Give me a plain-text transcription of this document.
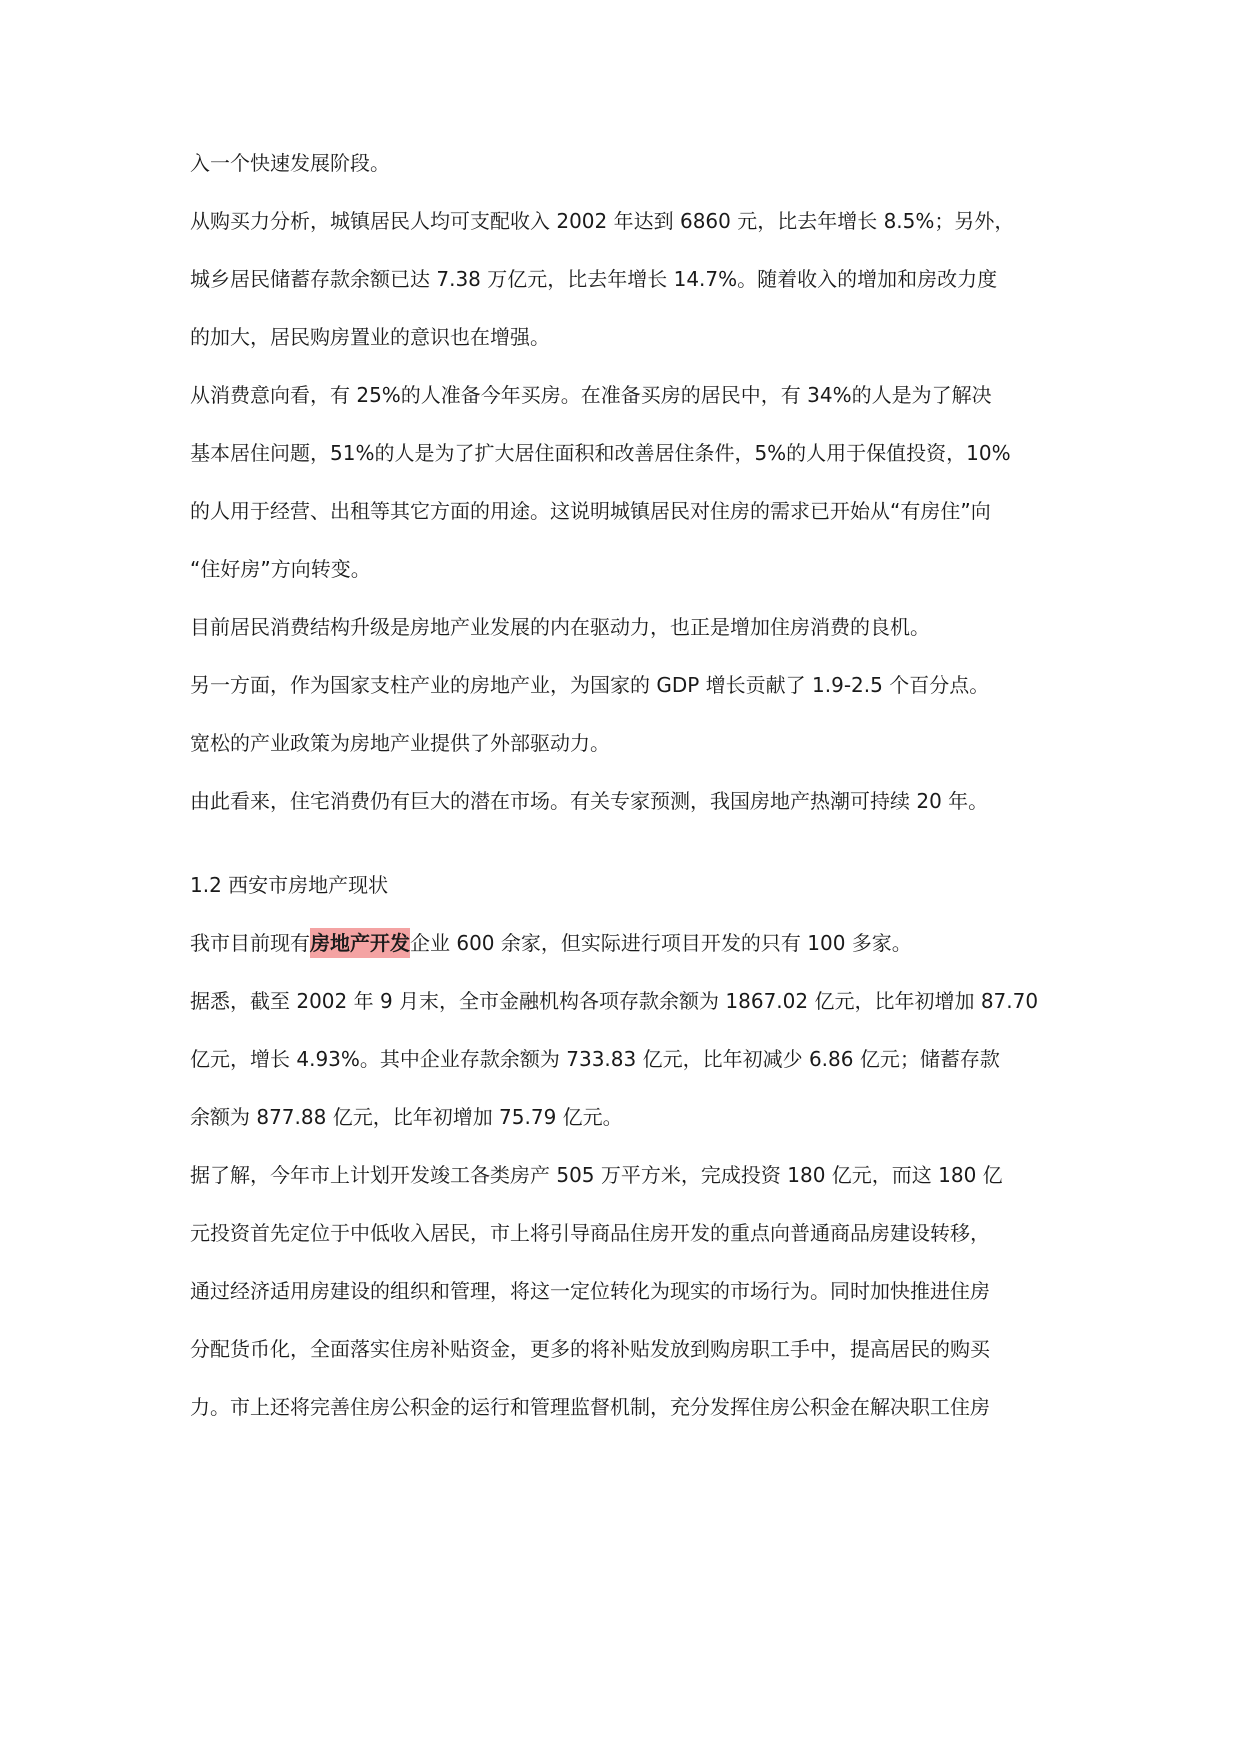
入一个快速发展阶段。
从购买力分析，城镇居民人均可支配收入 2002 年达到 6860 元，比去年增长 8.5%；另外，
城乡居民储蓄存款余额已达 7.38 万亿元，比去年增长 14.7%。随着收入的增加和房改力度
的加大，居民购房置业的意识也在增强。
从消费意向看，有 25%的人准备今年买房。在准备买房的居民中，有 34%的人是为了解决
基本居住问题，51%的人是为了扩大居住面积和改善居住条件，5%的人用于保值投资，10%
的人用于经营、出租等其它方面的用途。这说明城镇居民对住房的需求已开始从“有房住”向
“住好房”方向转变。
目前居民消费结构升级是房地产业发展的内在驱动力，也正是增加住房消费的良机。
另一方面，作为国家支柱产业的房地产业，为国家的 GDP 增长贡献了 1.9-2.5 个百分点。
宽松的产业政策为房地产业提供了外部驱动力。
由此看来，住宅消费仍有巨大的潜在市场。有关专家预测，我国房地产热潮可持续 20 年。
1.2 西安市房地产现状
我市目前现有房地产开发企业 600 余家，但实际进行项目开发的只有 100 多家。
据悉，截至 2002 年 9 月末，全市金融机构各项存款余额为 1867.02 亿元，比年初增加 87.70
亿元，增长 4.93%。其中企业存款余额为 733.83 亿元，比年初减少 6.86 亿元；储蓄存款
余额为 877.88 亿元，比年初增加 75.79 亿元。
据了解，今年市上计划开发竣工各类房产 505 万平方米，完成投资 180 亿元，而这 180 亿
元投资首先定位于中低收入居民，市上将引导商品住房开发的重点向普通商品房建设转移，
通过经济适用房建设的组织和管理，将这一定位转化为现实的市场行为。同时加快推进住房
分配货币化，全面落实住房补贴资金，更多的将补贴发放到购房职工手中，提高居民的购买
力。市上还将完善住房公积金的运行和管理监督机制，充分发挥住房公积金在解决职工住房
